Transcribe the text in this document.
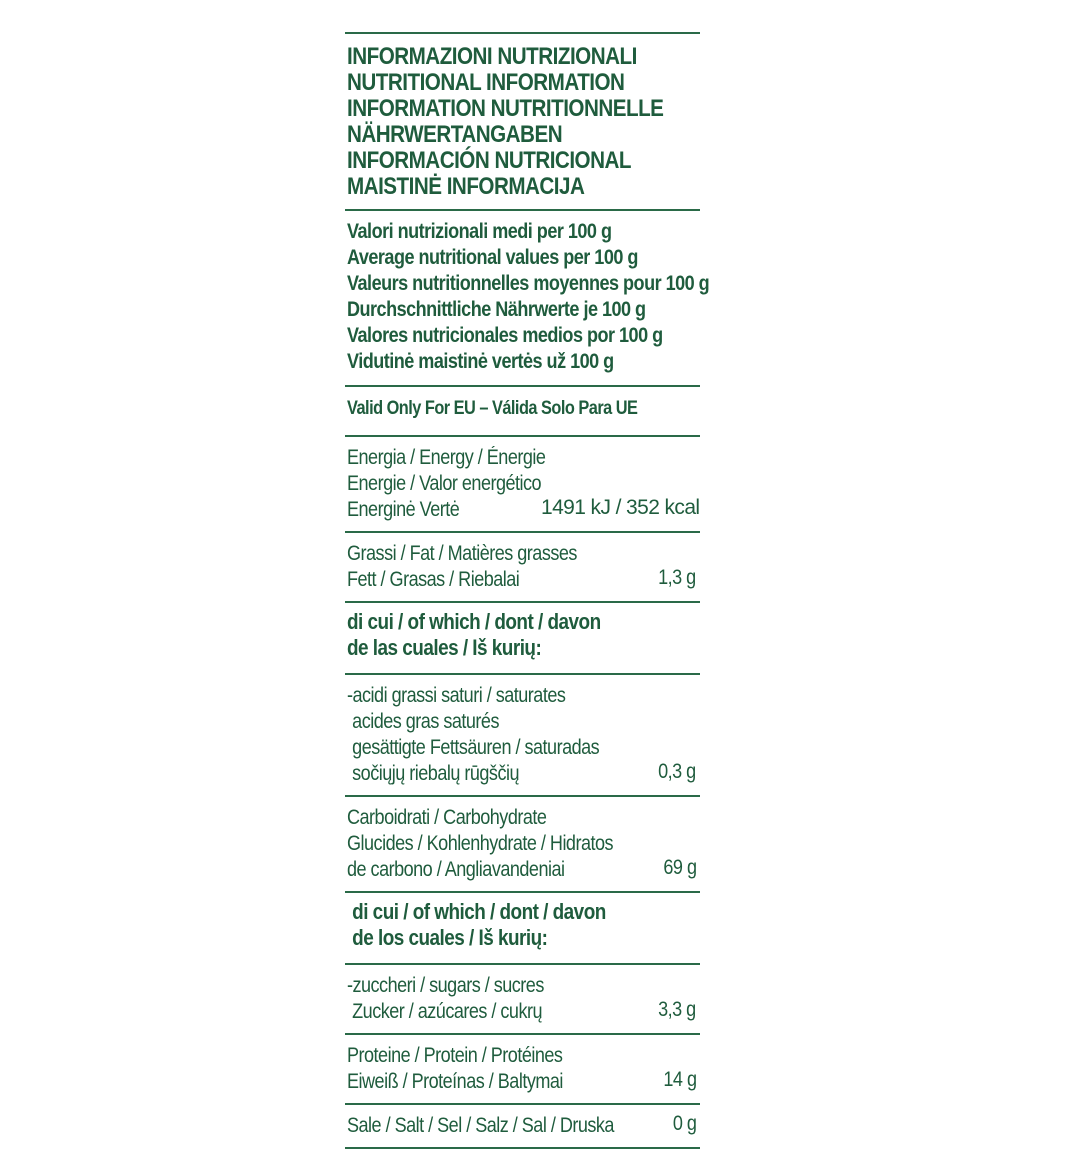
INFORMAZIONI NUTRIZIONALI
NUTRITIONAL INFORMATION
INFORMATION NUTRITIONNELLE
NÄHRWERTANGABEN
INFORMACIÓN NUTRICIONAL
MAISTINĖ INFORMACIJA
Valori nutrizionali medi per 100 g
Average nutritional values per 100 g
Valeurs nutritionnelles moyennes pour 100 g
Durchschnittliche Nährwerte je 100 g
Valores nutricionales medios por 100 g
Vidutinė maistinė vertės už 100 g
Valid Only For EU – Válida Solo Para UE
Energia / Energy / Énergie
Energie / Valor energético
Energinė Vertė	1491 kJ / 352 kcal
Grassi / Fat / Matières grasses
Fett / Grasas / Riebalai	1,3 g
di cui / of which / dont / davon
de las cuales / Iš kurių:
-acidi grassi saturi / saturates
acides gras saturés
gesättigte Fettsäuren / saturadas
sočiųjų riebalų rūgščių	0,3 g
Carboidrati / Carbohydrate
Glucides / Kohlenhydrate / Hidratos
de carbono / Angliavandeniai	69 g
di cui / of which / dont / davon
de los cuales / Iš kurių:
-zuccheri / sugars / sucres
Zucker / azúcares / cukrų	3,3 g
Proteine / Protein / Protéines
Eiweiß / Proteínas / Baltymai	14 g
Sale / Salt / Sel / Salz / Sal / Druska	0 g
